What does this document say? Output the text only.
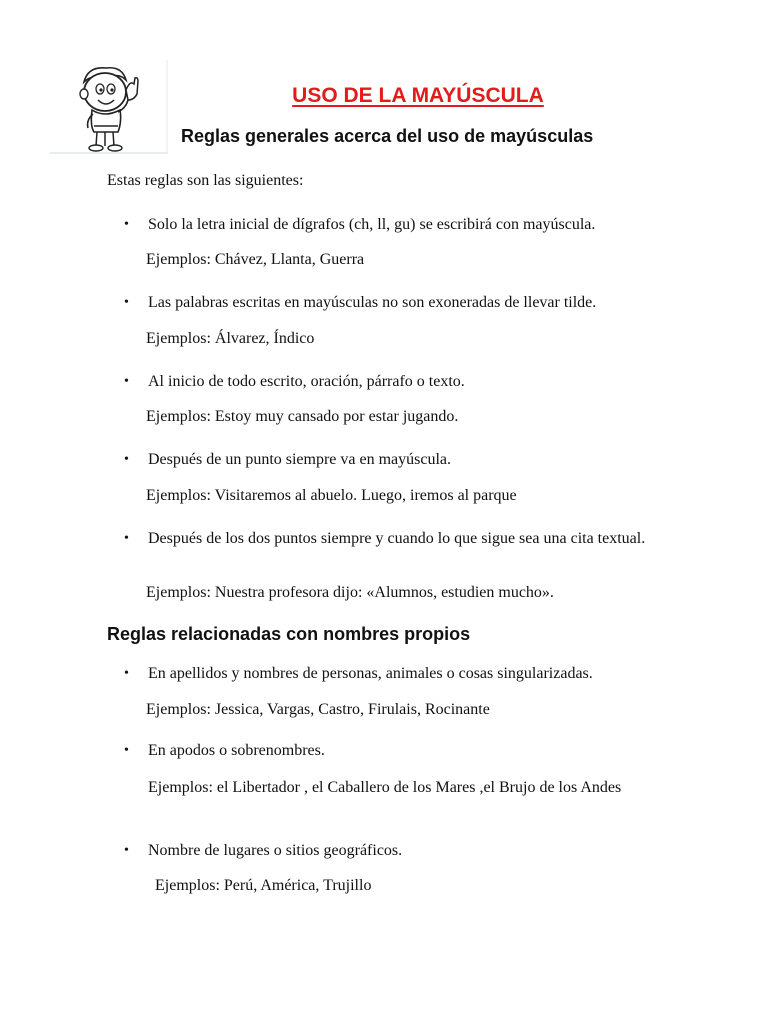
USO DE LA MAYÚSCULA
Reglas generales acerca del uso de mayúsculas

Estas reglas son las siguientes:

• Solo la letra inicial de dígrafos (ch, ll, gu) se escribirá con mayúscula.
Ejemplos: Chávez, Llanta, Guerra
• Las palabras escritas en mayúsculas no son exoneradas de llevar tilde.
Ejemplos: Álvarez, Índico
• Al inicio de todo escrito, oración, párrafo o texto.
Ejemplos: Estoy muy cansado por estar jugando.
• Después de un punto siempre va en mayúscula.
Ejemplos: Visitaremos al abuelo. Luego, iremos al parque
• Después de los dos puntos siempre y cuando lo que sigue sea una cita textual.
Ejemplos: Nuestra profesora dijo: «Alumnos, estudien mucho».
Reglas relacionadas con nombres propios
• En apellidos y nombres de personas, animales o cosas singularizadas.
Ejemplos: Jessica, Vargas, Castro, Firulais, Rocinante
• En apodos o sobrenombres.
Ejemplos: el Libertador , el Caballero de los Mares ,el Brujo de los Andes
• Nombre de lugares o sitios geográficos.
Ejemplos: Perú, América, Trujillo
